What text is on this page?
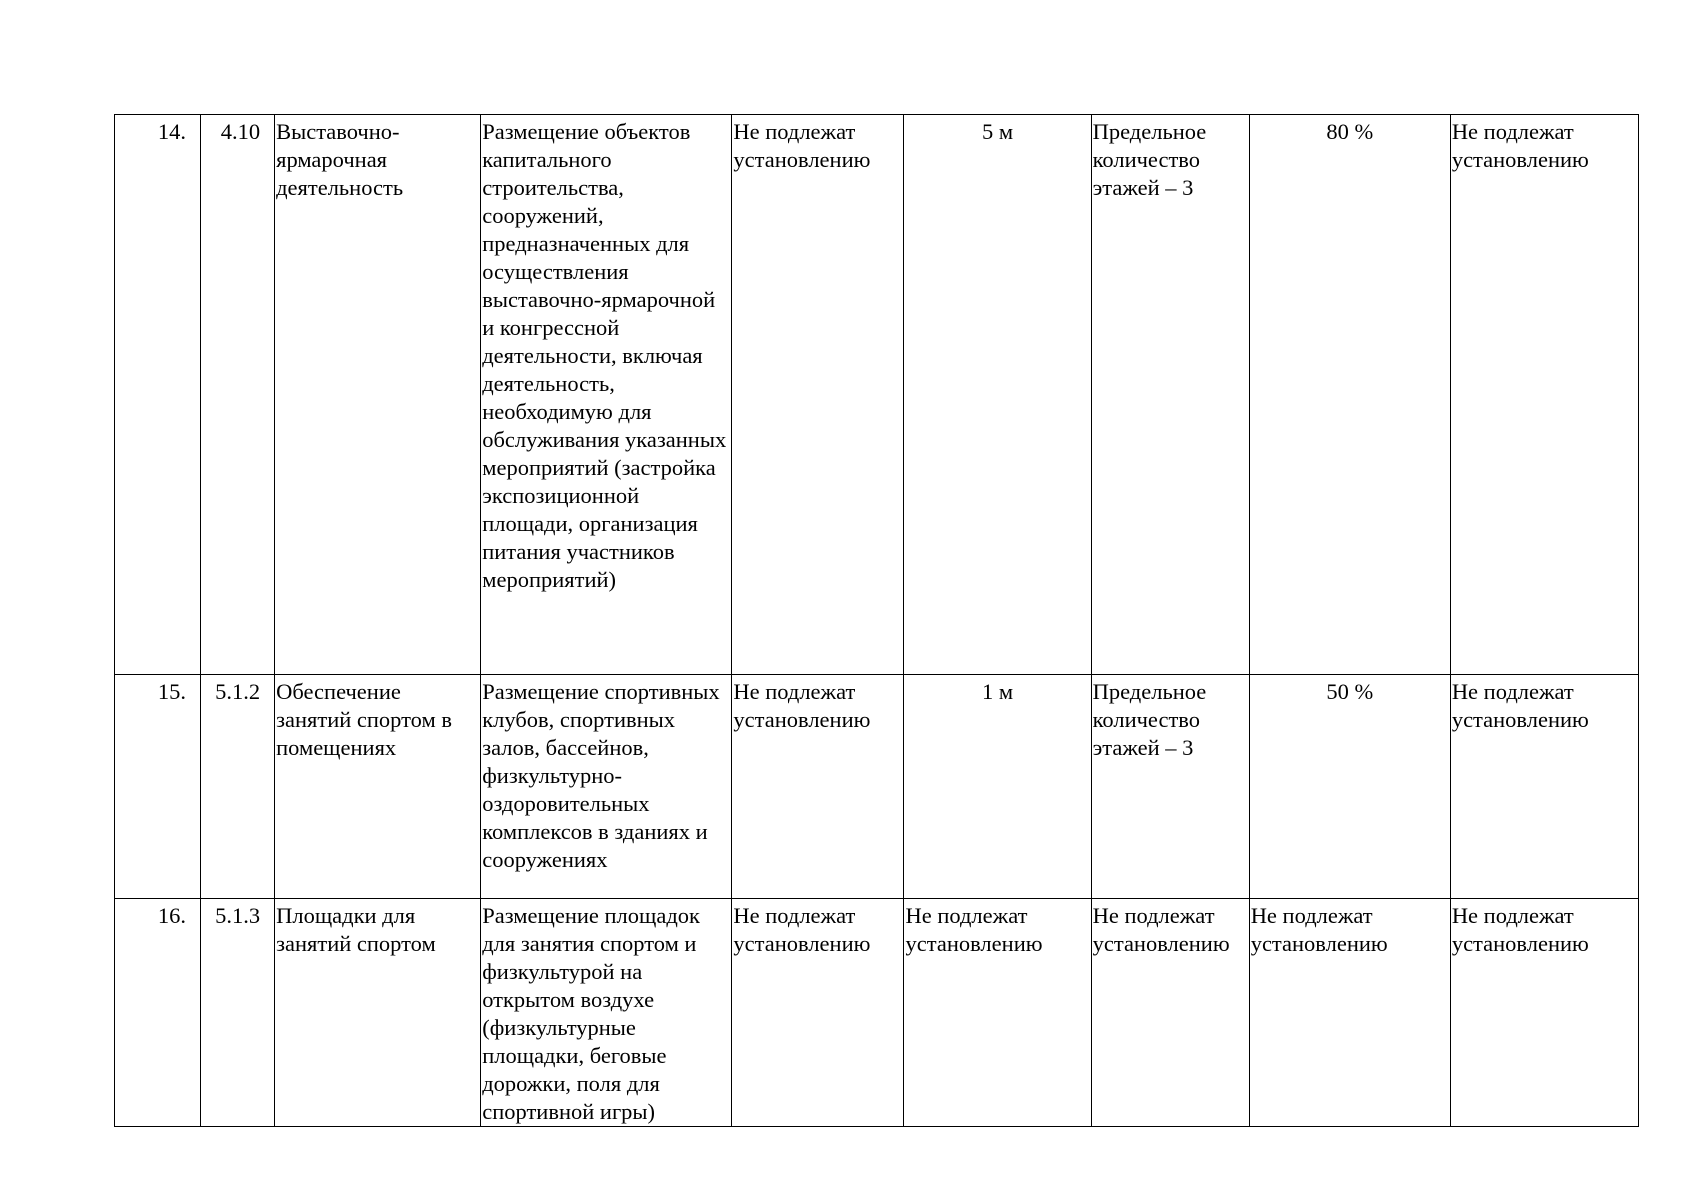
14.	4.10	Выставочно-ярмарочная деятельность	Размещение объектов капитального строительства, сооружений, предназначенных для осуществления выставочно-ярмарочной и конгрессной деятельности, включая деятельность, необходимую для обслуживания указанных мероприятий (застройка экспозиционной площади, организация питания участников мероприятий)	Не подлежат установлению	5 м	Предельное количество этажей – 3	80 %	Не подлежат установлению
15.	5.1.2	Обеспечение занятий спортом в помещениях	Размещение спортивных клубов, спортивных залов, бассейнов, физкультурно-оздоровительных комплексов в зданиях и сооружениях	Не подлежат установлению	1 м	Предельное количество этажей – 3	50 %	Не подлежат установлению
16.	5.1.3	Площадки для занятий спортом	Размещение площадок для занятия спортом и физкультурой на открытом воздухе (физкультурные площадки, беговые дорожки, поля для спортивной игры)	Не подлежат установлению	Не подлежат установлению	Не подлежат установлению	Не подлежат установлению	Не подлежат установлению
